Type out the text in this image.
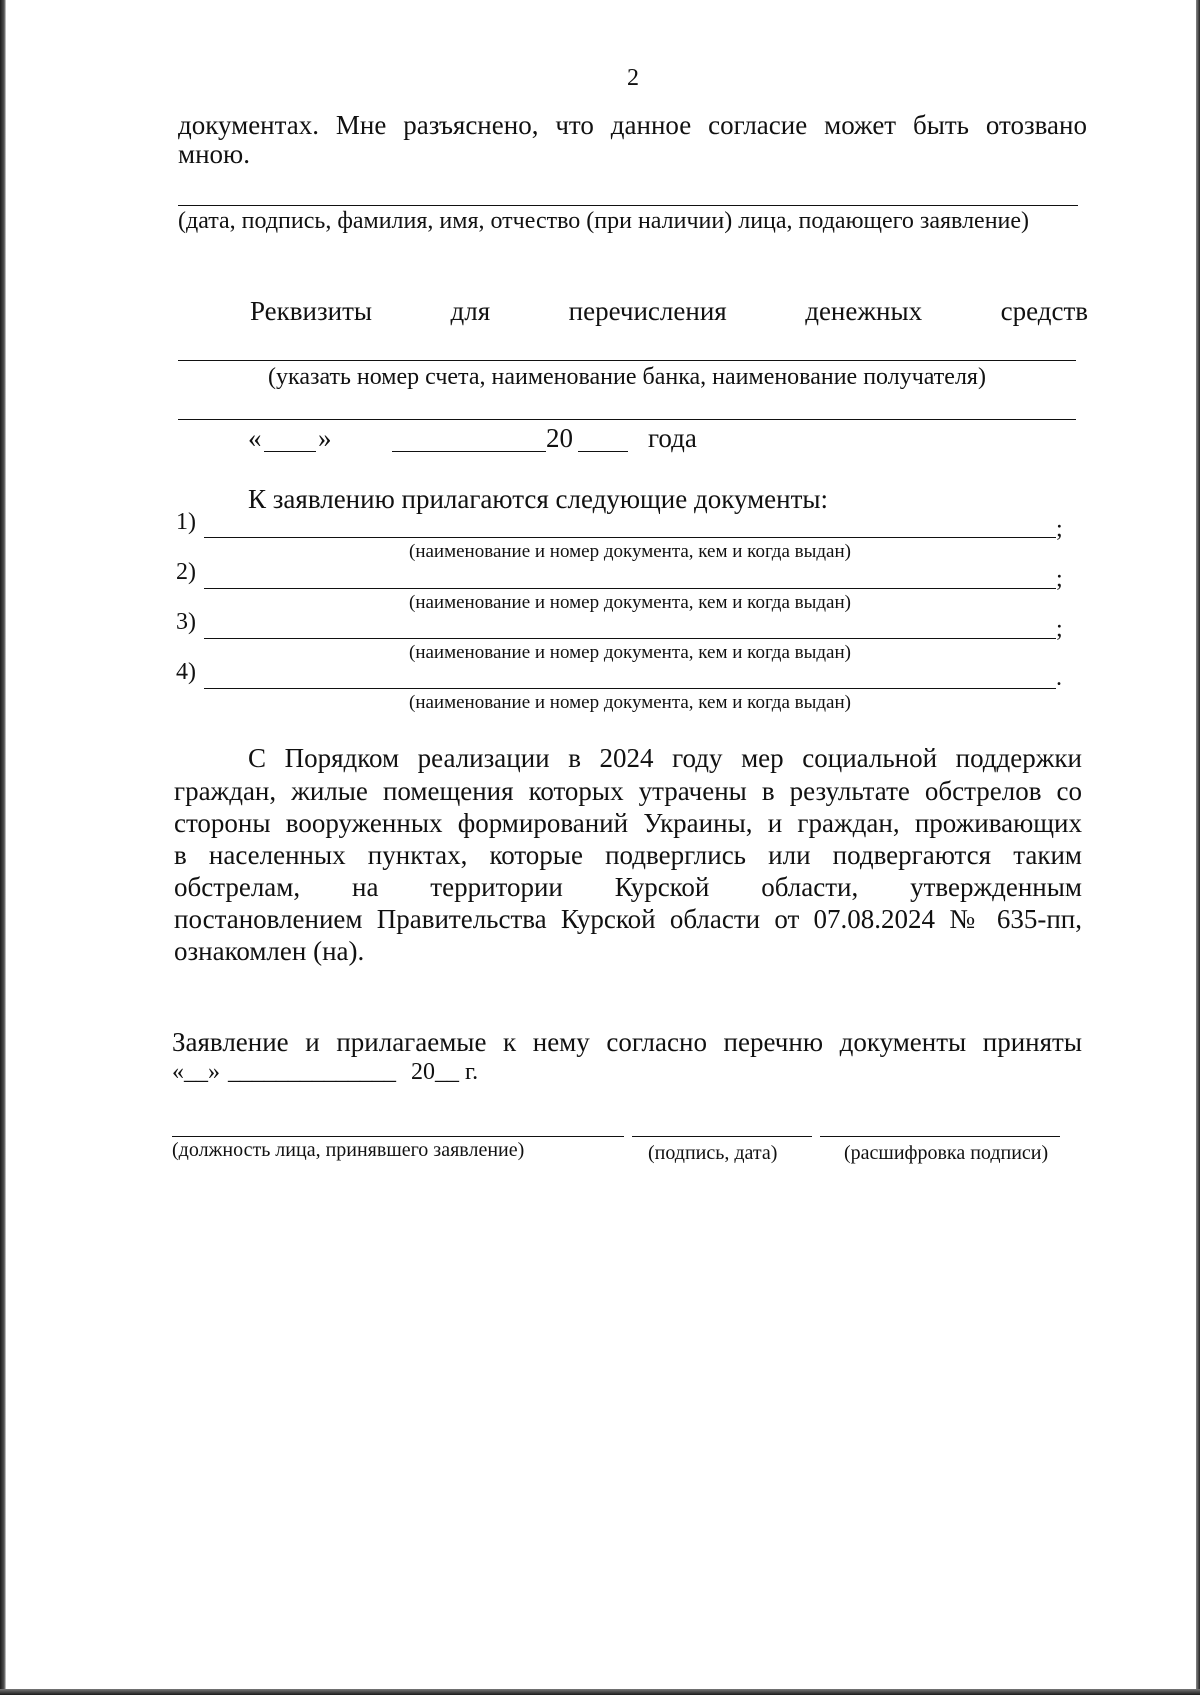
2
документах. Мне разъяснено, что данное согласие может быть отозвано
мною.
(дата, подпись, фамилия, имя, отчество (при наличии) лица, подающего заявление)
Реквизиты	для	перечисления	денежных	средств
(указать номер счета, наименование банка, наименование получателя)
« »	20	года
К заявлению прилагаются следующие документы:
1)	;
(наименование и номер документа, кем и когда выдан)
2)	;
(наименование и номер документа, кем и когда выдан)
3)	;
(наименование и номер документа, кем и когда выдан)
4)	.
(наименование и номер документа, кем и когда выдан)
С Порядком реализации в 2024 году мер социальной поддержки
граждан, жилые помещения которых утрачены в результате обстрелов со
стороны вооруженных формирований Украины, и граждан, проживающих
в населенных пунктах, которые подверглись или подвергаются таким
обстрелам, на территории Курской области, утвержденным
постановлением Правительства Курской области от 07.08.2024 № 635-пп,
ознакомлен (на).
Заявление и прилагаемые к нему согласно перечню документы приняты
«__» ______________ 20__ г.
(должность лица, принявшего заявление)	(подпись, дата)	(расшифровка подписи)
